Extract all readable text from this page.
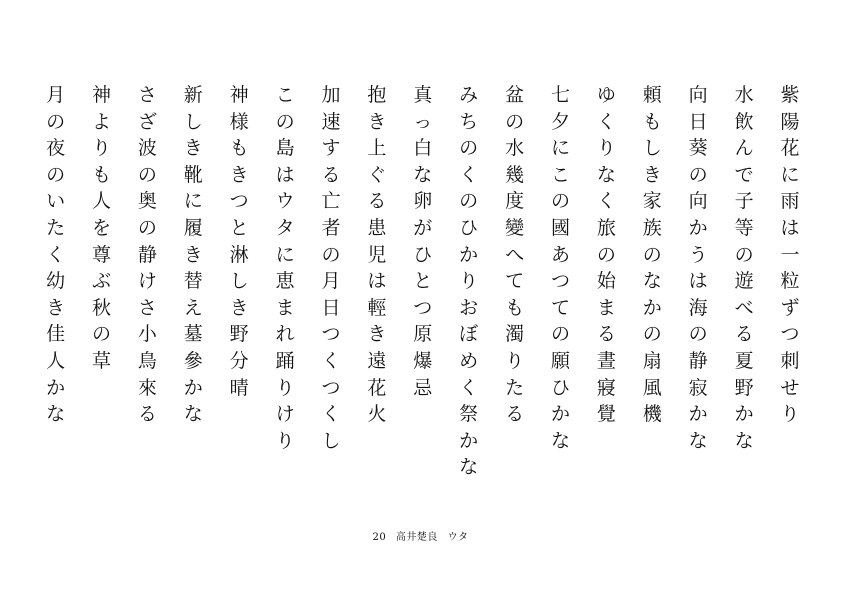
紫
陽
花
に
雨
は
一
粒
ず
つ
刺
せ
り
水
飲
ん
で
子
等
の
遊
べ
る
夏
野
か
な
向
日
葵
の
向
か
う
は
海
の
静
寂
か
な
頼
も
し
き
家
族
の
な
か
の
扇
風
機
ゆ
く
り
な
く
旅
の
始
ま
る
晝
寢
覺
七
夕
に
こ
の
國
あ
つ
て
の
願
ひ
か
な
盆
の
水
幾
度
變
へ
て
も
濁
り
た
る
み
ち
の
く
の
ひ
か
り
お
ぼ
め
く
祭
か
な
真
っ
白
な
卵
が
ひ
と
つ
原
爆
忌
抱
き
上
ぐ
る
患
児
は
輕
き
遠
花
火
加
速
す
る
亡
者
の
月
日
つ
く
つ
く
し
こ
の
島
は
ウ
タ
に
恵
ま
れ
踊
り
け
り
神
様
も
き
つ
と
淋
し
き
野
分
晴
新
し
き
靴
に
履
き
替
え
墓
參
か
な
さ
ざ
波
の
奥
の
静
け
さ
小
鳥
來
る
神
よ
り
も
人
を
尊
ぶ
秋
の
草
月
の
夜
の
い
た
く
幼
き
佳
人
か
な
20 高井楚良 ウタ
